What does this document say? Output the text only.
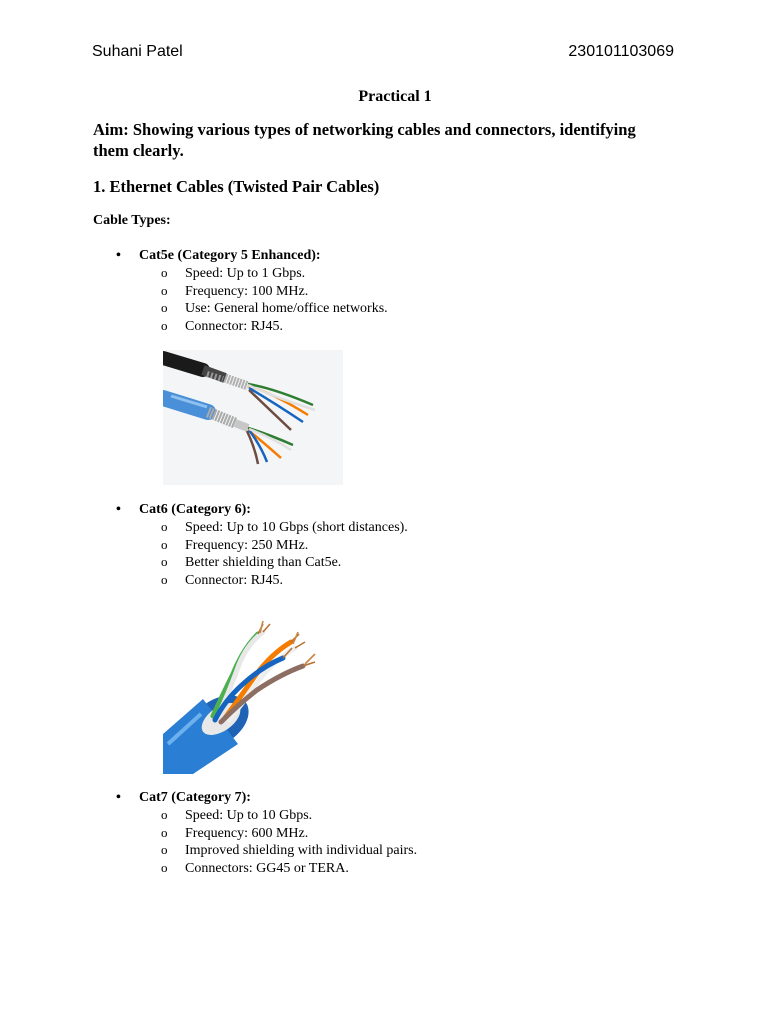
Suhani Patel	230101103069
Practical 1
Aim: Showing various types of networking cables and connectors, identifying them clearly.
1. Ethernet Cables (Twisted Pair Cables)
Cable Types:
•	Cat5e (Category 5 Enhanced):
o	Speed: Up to 1 Gbps.
o	Frequency: 100 MHz.
o	Use: General home/office networks.
o	Connector: RJ45.
•	Cat6 (Category 6):
o	Speed: Up to 10 Gbps (short distances).
o	Frequency: 250 MHz.
o	Better shielding than Cat5e.
o	Connector: RJ45.
•	Cat7 (Category 7):
o	Speed: Up to 10 Gbps.
o	Frequency: 600 MHz.
o	Improved shielding with individual pairs.
o	Connectors: GG45 or TERA.
